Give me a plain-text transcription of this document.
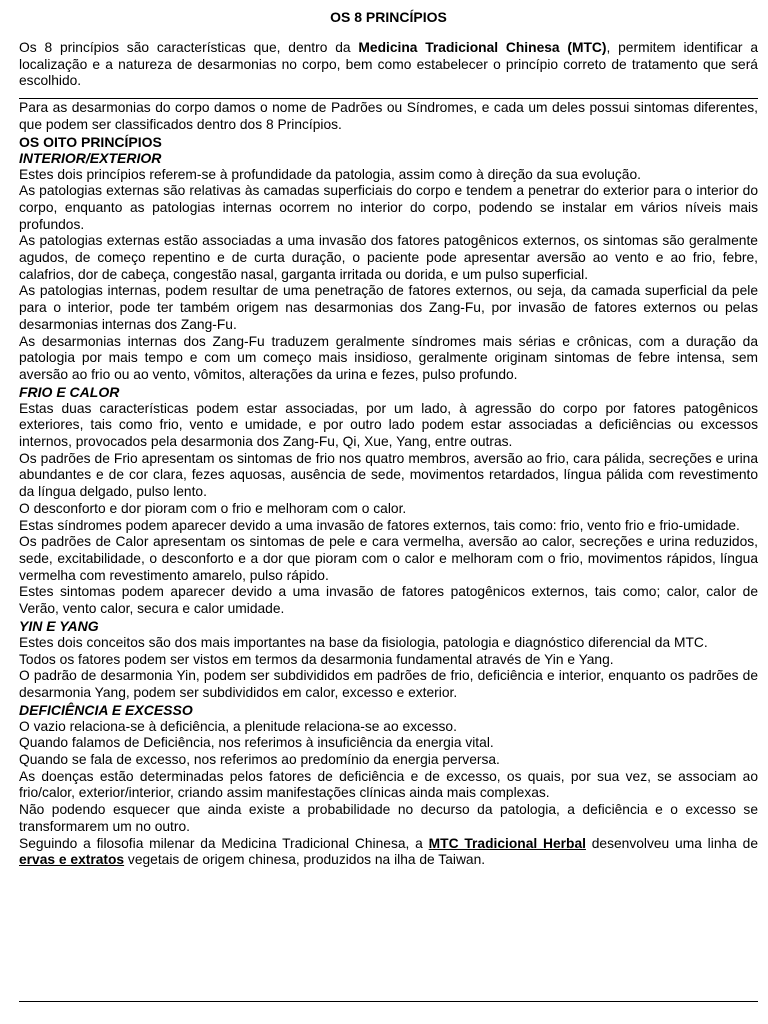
OS 8 PRINCÍPIOS

Os 8 princípios são características que, dentro da Medicina Tradicional Chinesa (MTC), permitem identificar a localização e a natureza de desarmonias no corpo, bem como estabelecer o princípio correto de tratamento que será escolhido.

Para as desarmonias do corpo damos o nome de Padrões ou Síndromes, e cada um deles possui sintomas diferentes, que podem ser classificados dentro dos 8 Princípios.

OS OITO PRINCÍPIOS
INTERIOR/EXTERIOR

Estes dois princípios referem-se à profundidade da patologia, assim como à direção da sua evolução.

As patologias externas são relativas às camadas superficiais do corpo e tendem a penetrar do exterior para o interior do corpo, enquanto as patologias internas ocorrem no interior do corpo, podendo se instalar em vários níveis mais profundos.

As patologias externas estão associadas a uma invasão dos fatores patogênicos externos, os sintomas são geralmente agudos, de começo repentino e de curta duração, o paciente pode apresentar aversão ao vento e ao frio, febre, calafrios, dor de cabeça, congestão nasal, garganta irritada ou dorida, e um pulso superficial.

As patologias internas, podem resultar de uma penetração de fatores externos, ou seja, da camada superficial da pele para o interior, pode ter também origem nas desarmonias dos Zang-Fu, por invasão de fatores externos ou pelas desarmonias internas dos Zang-Fu.

As desarmonias internas dos Zang-Fu traduzem geralmente síndromes mais sérias e crônicas, com a duração da patologia por mais tempo e com um começo mais insidioso, geralmente originam sintomas de febre intensa, sem aversão ao frio ou ao vento, vômitos, alterações da urina e fezes, pulso profundo.

FRIO E CALOR

Estas duas características podem estar associadas, por um lado, à agressão do corpo por fatores patogênicos exteriores, tais como frio, vento e umidade, e por outro lado podem estar associadas a deficiências ou excessos internos, provocados pela desarmonia dos Zang-Fu, Qi, Xue, Yang, entre outras.

Os padrões de Frio apresentam os sintomas de frio nos quatro membros, aversão ao frio, cara pálida, secreções e urina abundantes e de cor clara, fezes aquosas, ausência de sede, movimentos retardados, língua pálida com revestimento da língua delgado, pulso lento.

O desconforto e dor pioram com o frio e melhoram com o calor.

Estas síndromes podem aparecer devido a uma invasão de fatores externos, tais como: frio, vento frio e frio-umidade.

Os padrões de Calor apresentam os sintomas de pele e cara vermelha, aversão ao calor, secreções e urina reduzidos, sede, excitabilidade, o desconforto e a dor que pioram com o calor e melhoram com o frio, movimentos rápidos, língua vermelha com revestimento amarelo, pulso rápido.

Estes sintomas podem aparecer devido a uma invasão de fatores patogênicos externos, tais como; calor, calor de Verão, vento calor, secura e calor umidade.

YIN E YANG

Estes dois conceitos são dos mais importantes na base da fisiologia, patologia e diagnóstico diferencial da MTC.

Todos os fatores podem ser vistos em termos da desarmonia fundamental através de Yin e Yang.

O padrão de desarmonia Yin, podem ser subdivididos em padrões de frio, deficiência e interior, enquanto os padrões de desarmonia Yang, podem ser subdivididos em calor, excesso e exterior.

DEFICIÊNCIA E EXCESSO

O vazio relaciona-se à deficiência, a plenitude relaciona-se ao excesso.

Quando falamos de Deficiência, nos referimos à insuficiência da energia vital.

Quando se fala de excesso, nos referimos ao predomínio da energia perversa.

As doenças estão determinadas pelos fatores de deficiência e de excesso, os quais, por sua vez, se associam ao frio/calor, exterior/interior, criando assim manifestações clínicas ainda mais complexas.

Não podendo esquecer que ainda existe a probabilidade no decurso da patologia, a deficiência e o excesso se transformarem um no outro.

Seguindo a filosofia milenar da Medicina Tradicional Chinesa, a MTC Tradicional Herbal desenvolveu uma linha de ervas e extratos vegetais de origem chinesa, produzidos na ilha de Taiwan.
